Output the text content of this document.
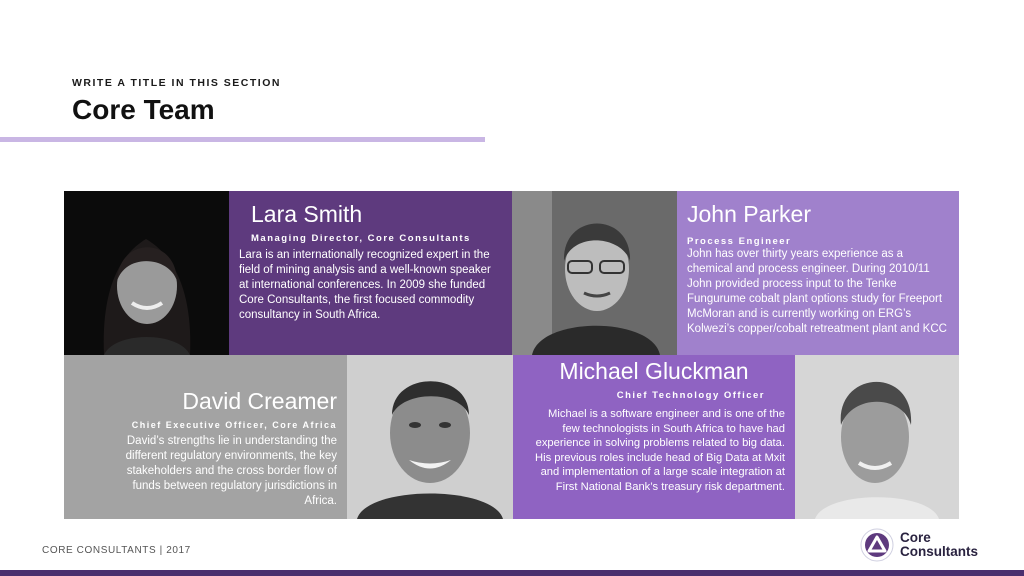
WRITE A TITLE IN THIS SECTION
Core Team
Lara Smith
Managing Director, Core Consultants
Lara is an internationally recognized expert in the field of mining analysis and a well-known speaker at international conferences. In 2009 she funded Core Consultants, the first focused commodity consultancy in South Africa.
John Parker
Process Engineer
John has over thirty years experience as a chemical and process engineer. During 2010/11 John provided process input to the Tenke Fungurume cobalt plant options study for Freeport McMoran and is currently working on ERG’s Kolwezi’s copper/cobalt retreatment plant and KCC
David Creamer
Chief Executive Officer, Core Africa
David’s strengths lie in understanding the different regulatory environments, the key stakeholders and the cross border flow of funds between regulatory jurisdictions in Africa.
Michael Gluckman
Chief Technology Officer
Michael is a software engineer and is one of the few technologists in South Africa to have had experience in solving problems related to big data. His previous roles include head of Big Data at Mxit and implementation of a large scale integration at First National Bank’s treasury risk department.
CORE CONSULTANTS | 2017
Core
Consultants
